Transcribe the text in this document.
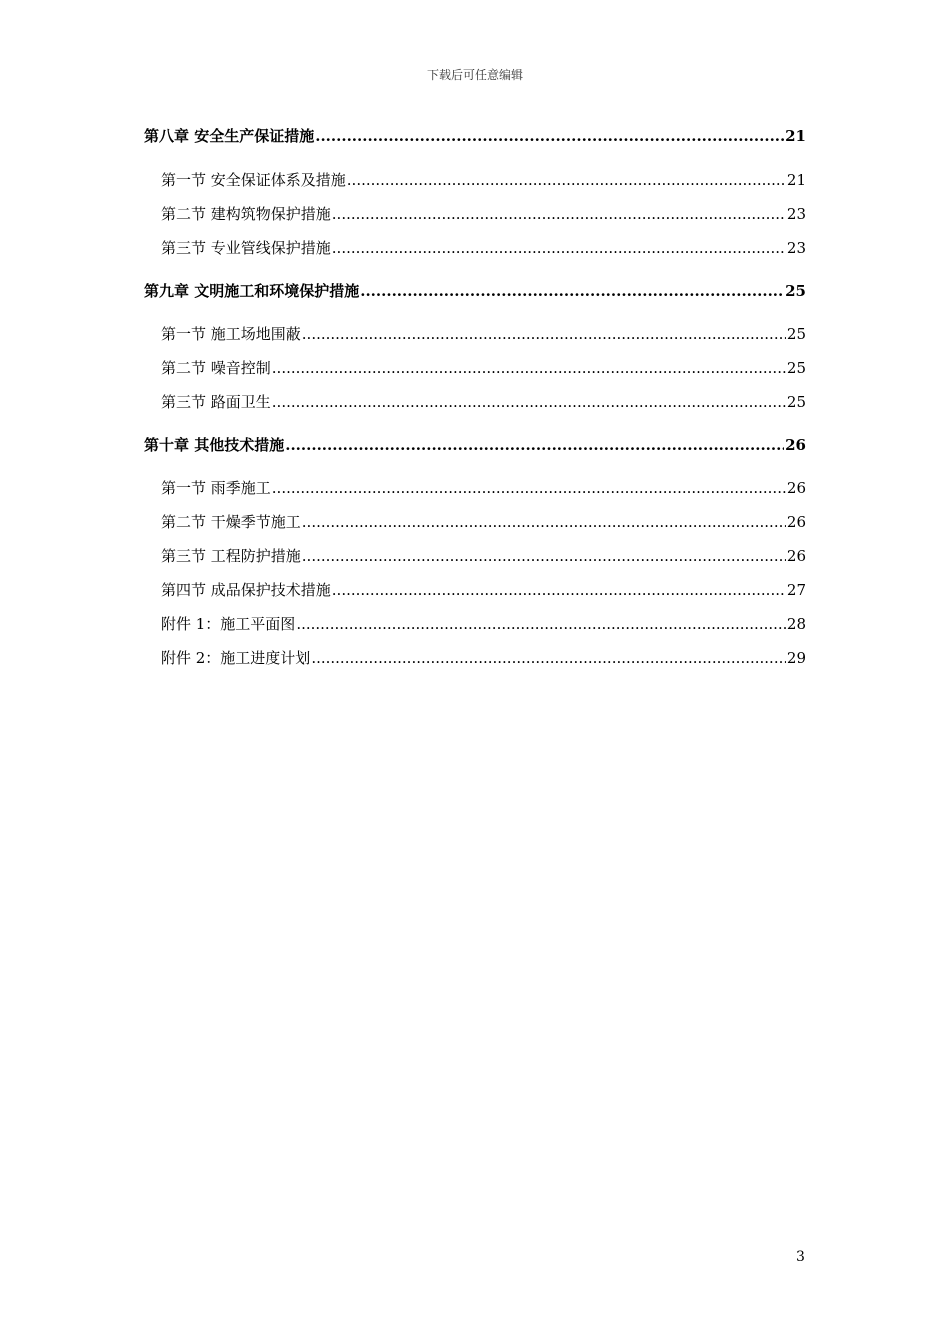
下载后可任意编辑
第八章 安全生产保证措施 .....	21
第一节 安全保证体系及措施 .....	21
第二节 建构筑物保护措施 .....	23
第三节 专业管线保护措施 .....	23
第九章 文明施工和环境保护措施 .....	25
第一节 施工场地围蔽 .....	25
第二节 噪音控制 .....	25
第三节 路面卫生 .....	25
第十章 其他技术措施 .....	26
第一节 雨季施工 .....	26
第二节 干燥季节施工 .....	26
第三节 工程防护措施 .....	26
第四节 成品保护技术措施 .....	27
附件 1：施工平面图 .....	28
附件 2：施工进度计划 .....	29
3
